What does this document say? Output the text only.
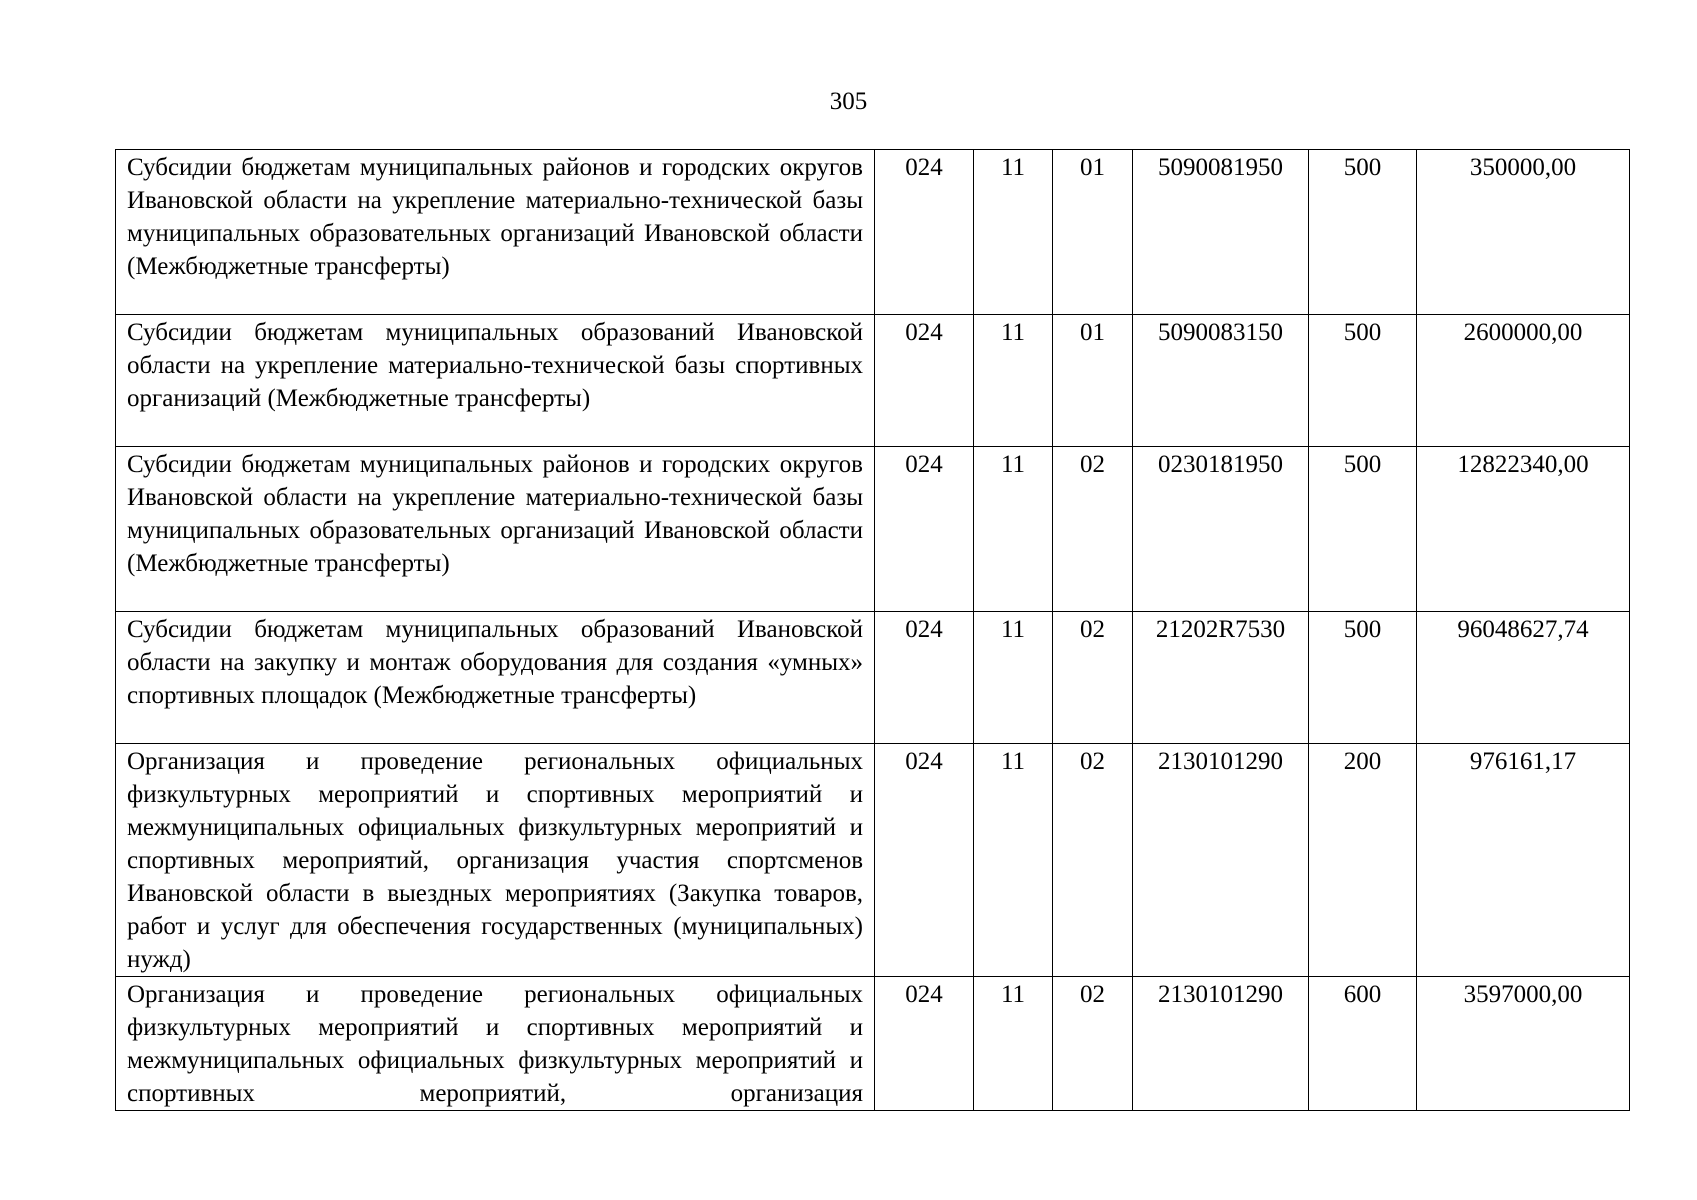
305
Субсидии бюджетам муниципальных районов и городских округов Ивановской области на укрепление материально-технической базы муниципальных образовательных организаций Ивановской области (Межбюджетные трансферты)	024	11	01	5090081950	500	350000,00
Субсидии бюджетам муниципальных образований Ивановской области на укрепление материально-технической базы спортивных организаций (Межбюджетные трансферты)	024	11	01	5090083150	500	2600000,00
Субсидии бюджетам муниципальных районов и городских округов Ивановской области на укрепление материально-технической базы муниципальных образовательных организаций Ивановской области (Межбюджетные трансферты)	024	11	02	0230181950	500	12822340,00
Субсидии бюджетам муниципальных образований Ивановской области на закупку и монтаж оборудования для создания «умных» спортивных площадок (Межбюджетные трансферты)	024	11	02	21202R7530	500	96048627,74
Организация и проведение региональных официальных физкультурных мероприятий и спортивных мероприятий и межмуниципальных официальных физкультурных мероприятий и спортивных мероприятий, организация участия спортсменов Ивановской области в выездных мероприятиях (Закупка товаров, работ и услуг для обеспечения государственных (муниципальных) нужд)	024	11	02	2130101290	200	976161,17
Организация и проведение региональных официальных физкультурных мероприятий и спортивных мероприятий и межмуниципальных официальных физкультурных мероприятий и спортивных мероприятий, организация	024	11	02	2130101290	600	3597000,00
